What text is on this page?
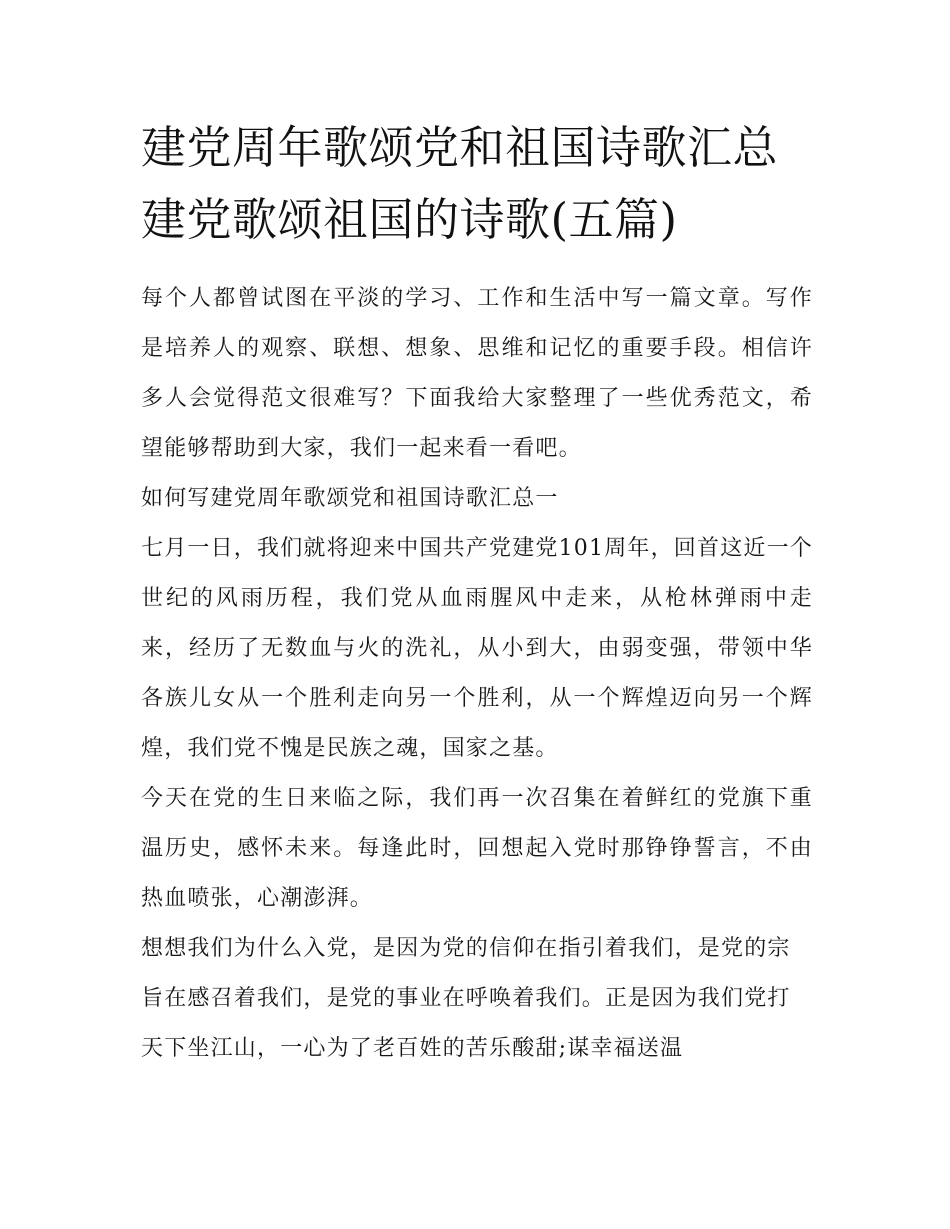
建党周年歌颂党和祖国诗歌汇总 建党歌颂祖国的诗歌(五篇)

每个人都曾试图在平淡的学习、工作和生活中写一篇文章。写作是培养人的观察、联想、想象、思维和记忆的重要手段。相信许多人会觉得范文很难写？下面我给大家整理了一些优秀范文，希望能够帮助到大家，我们一起来看一看吧。

如何写建党周年歌颂党和祖国诗歌汇总一

七月一日，我们就将迎来中国共产党建党101周年，回首这近一个世纪的风雨历程，我们党从血雨腥风中走来，从枪林弹雨中走来，经历了无数血与火的洗礼，从小到大，由弱变强，带领中华各族儿女从一个胜利走向另一个胜利，从一个辉煌迈向另一个辉煌，我们党不愧是民族之魂，国家之基。

今天在党的生日来临之际，我们再一次召集在着鲜红的党旗下重温历史，感怀未来。每逢此时，回想起入党时那铮铮誓言，不由热血喷张，心潮澎湃。

想想我们为什么入党，是因为党的信仰在指引着我们，是党的宗旨在感召着我们，是党的事业在呼唤着我们。正是因为我们党打天下坐江山，一心为了老百姓的苦乐酸甜;谋幸福送温
